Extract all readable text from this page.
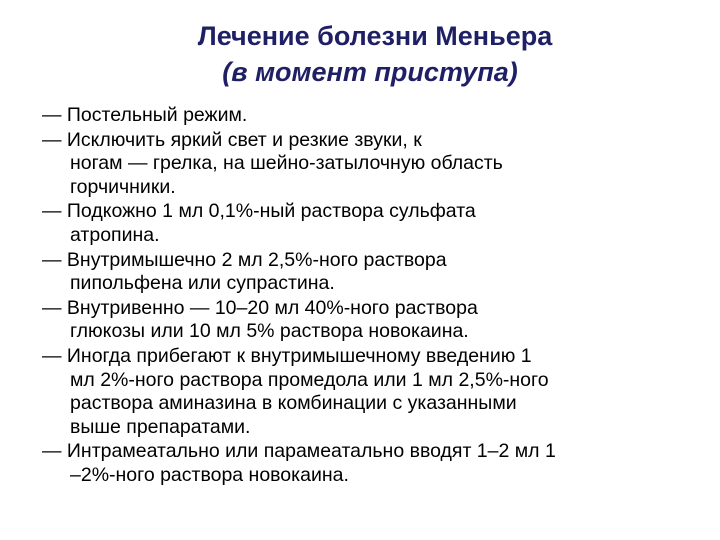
Лечение болезни Меньера
(в момент приступа)
— Постельный режим.
— Исключить яркий свет и резкие звуки, к
ногам — грелка, на шейно-затылочную область
горчичники.
— Подкожно 1 мл 0,1%-ный раствора сульфата
атропина.
— Внутримышечно 2 мл 2,5%-ного раствора
пипольфена или супрастина.
— Внутривенно — 10–20 мл 40%-ного раствора
глюкозы или 10 мл 5% раствора новокаина.
— Иногда прибегают к внутримышечному введению 1
мл 2%-ного раствора промедола или 1 мл 2,5%-ного
раствора аминазина в комбинации с указанными
выше препаратами.
— Интрамеатально или парамеатально вводят 1–2 мл 1
–2%-ного раствора новокаина.
